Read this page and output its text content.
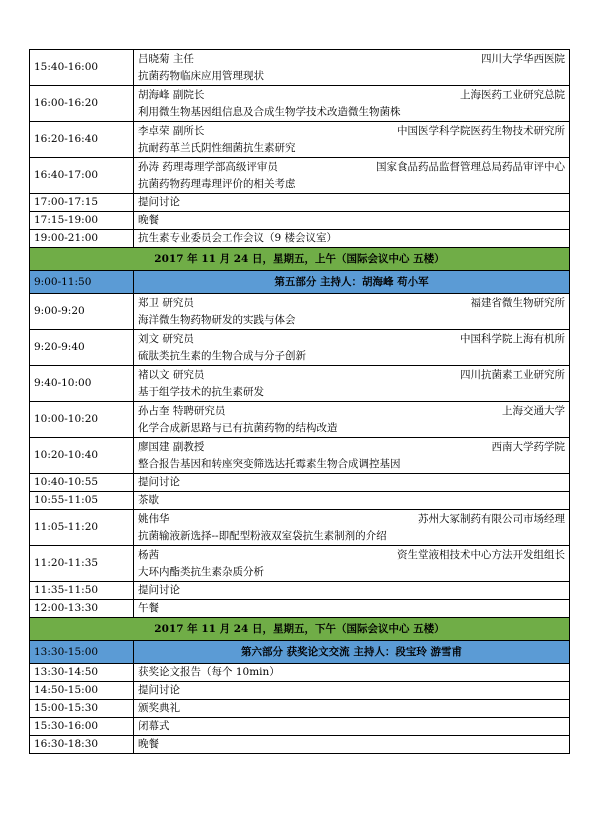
15:40-16:00	吕晓菊 主任 四川大学华西医院
抗菌药物临床应用管理现状

16:00-16:20	胡海峰 副院长 上海医药工业研究总院
利用微生物基因组信息及合成生物学技术改造微生物菌株

16:20-16:40	李卓荣 副所长 中国医学科学院医药生物技术研究所
抗耐药革兰氏阴性细菌抗生素研究

16:40-17:00	孙涛 药理毒理学部高级评审员 国家食品药品监督管理总局药品审评中心
抗菌药物药理毒理评价的相关考虑

17:00-17:15	提问讨论
17:15-19:00	晚餐
19:00-21:00	抗生素专业委员会工作会议（9 楼会议室）
2017 年 11 月 24 日，星期五，上午（国际会议中心 五楼）	
9:00-11:50	第五部分 主持人：胡海峰 苟小军
9:00-9:20	郑卫 研究员 福建省微生物研究所
海洋微生物药物研发的实践与体会

9:20-9:40	刘文 研究员 中国科学院上海有机所
硫肽类抗生素的生物合成与分子创新

9:40-10:00	褚以文 研究员 四川抗菌素工业研究所
基于组学技术的抗生素研发

10:00-10:20	孙占奎 特聘研究员 上海交通大学
化学合成新思路与已有抗菌药物的结构改造

10:20-10:40	廖国建 副教授 西南大学药学院
整合报告基因和转座突变筛选达托霉素生物合成调控基因

10:40-10:55	提问讨论
10:55-11:05	茶歇
11:05-11:20	姚伟华 苏州大冢制药有限公司市场经理
抗菌输液新选择--即配型粉液双室袋抗生素制剂的介绍

11:20-11:35	杨茜 资生堂液相技术中心方法开发组组长
大环内酯类抗生素杂质分析

11:35-11:50	提问讨论
12:00-13:30	午餐
2017 年 11 月 24 日，星期五，下午（国际会议中心 五楼）	
13:30-15:00	第六部分 获奖论文交流 主持人：段宝玲 游雪甫
13:30-14:50	获奖论文报告（每个 10min）
14:50-15:00	提问讨论
15:00-15:30	颁奖典礼
15:30-16:00	闭幕式
16:30-18:30	晚餐
